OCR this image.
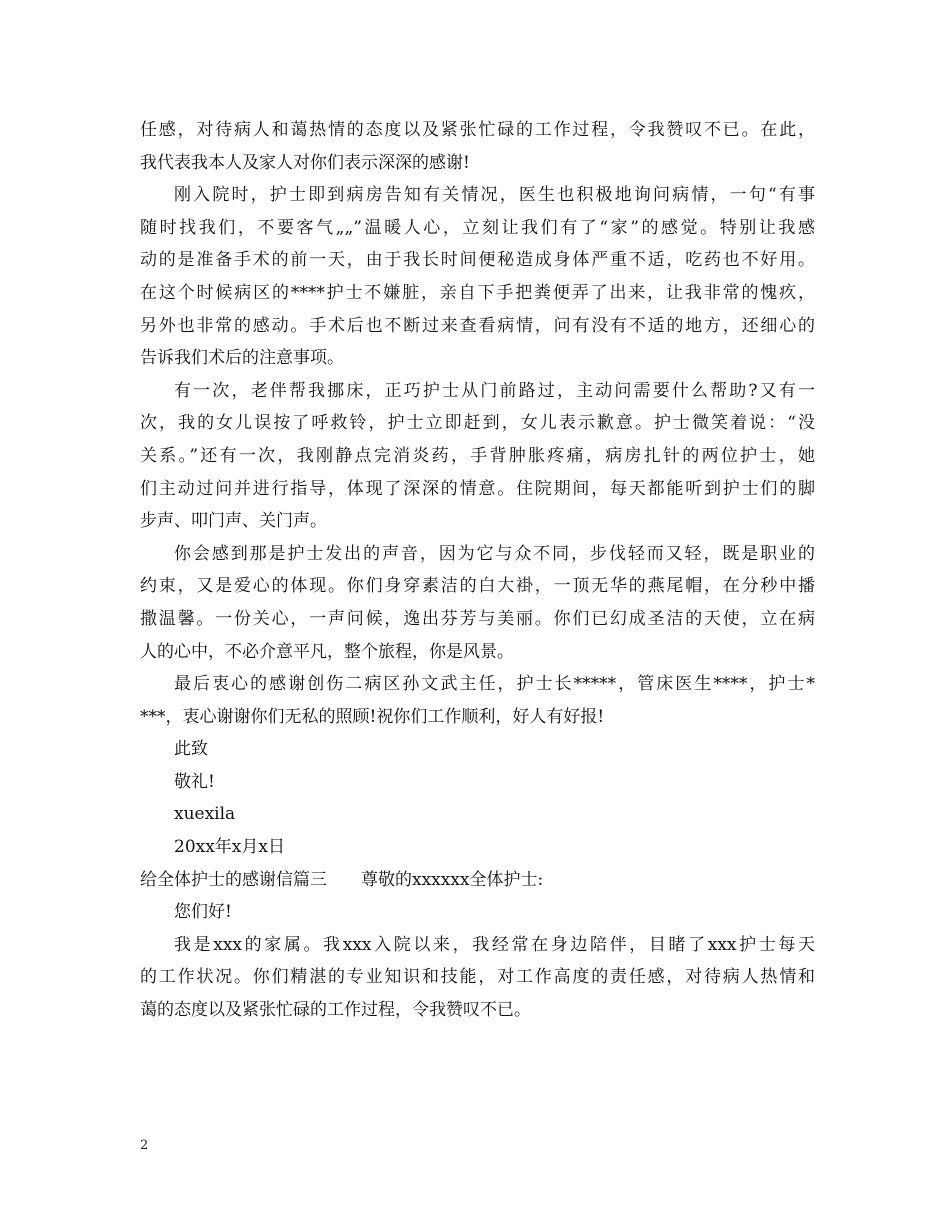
任感，对待病人和蔼热情的态度以及紧张忙碌的工作过程，令我赞叹不已。在此，
我代表我本人及家人对你们表示深深的感谢!
刚入院时，护士即到病房告知有关情况，医生也积极地询问病情，一句“有事
随时找我们，不要客气„„”温暖人心，立刻让我们有了“家”的感觉。特别让我感
动的是准备手术的前一天，由于我长时间便秘造成身体严重不适，吃药也不好用。
在这个时候病区的****护士不嫌脏，亲自下手把粪便弄了出来，让我非常的愧疚，
另外也非常的感动。手术后也不断过来查看病情，问有没有不适的地方，还细心的
告诉我们术后的注意事项。
有一次，老伴帮我挪床，正巧护士从门前路过，主动问需要什么帮助?又有一
次，我的女儿误按了呼救铃，护士立即赶到，女儿表示歉意。护士微笑着说：“没
关系。”还有一次，我刚静点完消炎药，手背肿胀疼痛，病房扎针的两位护士，她
们主动过问并进行指导，体现了深深的情意。住院期间，每天都能听到护士们的脚
步声、叩门声、关门声。
你会感到那是护士发出的声音，因为它与众不同，步伐轻而又轻，既是职业的
约束，又是爱心的体现。你们身穿素洁的白大褂，一顶无华的燕尾帽，在分秒中播
撒温馨。一份关心，一声问候，逸出芬芳与美丽。你们已幻成圣洁的天使，立在病
人的心中，不必介意平凡，整个旅程，你是风景。
最后衷心的感谢创伤二病区孙文武主任，护士长*****，管床医生****，护士*
***，衷心谢谢你们无私的照顾!祝你们工作顺利，好人有好报!
此致
敬礼!
xuexila
20xx年x月x日
给全体护士的感谢信篇三 尊敬的xxxxxx全体护士:
您们好!
我是xxx的家属。我xxx入院以来，我经常在身边陪伴，目睹了xxx护士每天
的工作状况。你们精湛的专业知识和技能，对工作高度的责任感，对待病人热情和
蔼的态度以及紧张忙碌的工作过程，令我赞叹不已。
2
